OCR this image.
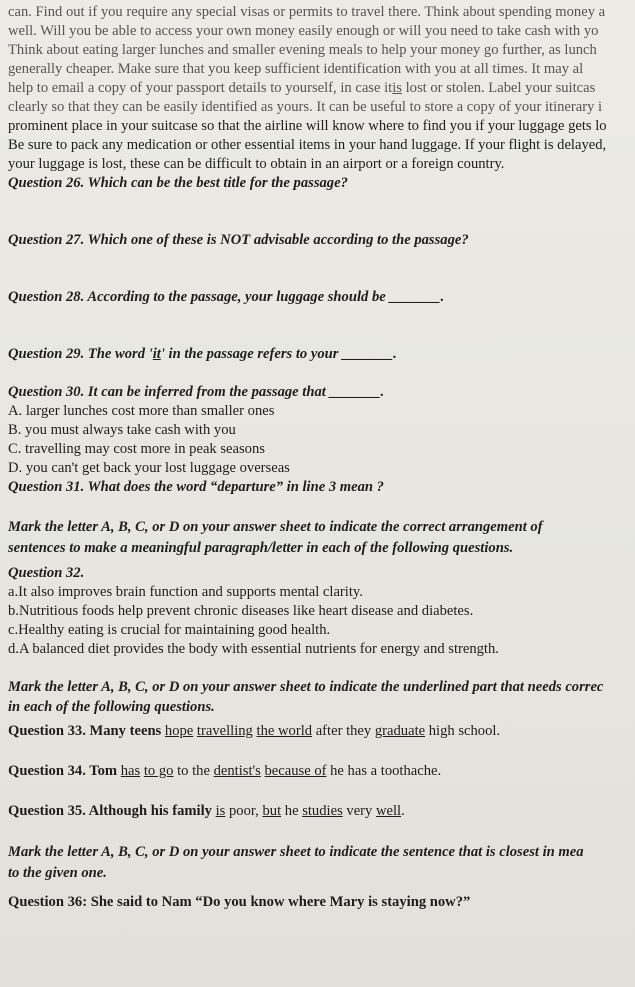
can. Find out if you require any special visas or permits to travel there. Think about spending money a
well. Will you be able to access your own money easily enough or will you need to take cash with yo
Think about eating larger lunches and smaller evening meals to help your money go further, as lunch
generally cheaper. Make sure that you keep sufficient identification with you at all times. It may al
help to email a copy of your passport details to yourself, in case itis lost or stolen. Label your suitcas
clearly so that they can be easily identified as yours. It can be useful to store a copy of your itinerary i
prominent place in your suitcase so that the airline will know where to find you if your luggage gets lo
Be sure to pack any medication or other essential items in your hand luggage. If your flight is delayed,
your luggage is lost, these can be difficult to obtain in an airport or a foreign country.
Question 26. Which can be the best title for the passage?
Question 27. Which one of these is NOT advisable according to the passage?
Question 28. According to the passage, your luggage should be _______.
Question 29. The word 'it' in the passage refers to your _______.
Question 30. It can be inferred from the passage that _______.
A. larger lunches cost more than smaller ones
B. you must always take cash with you
C. travelling may cost more in peak seasons
D. you can't get back your lost luggage overseas
Question 31. What does the word “departure” in line 3 mean ?
Mark the letter A, B, C, or D on your answer sheet to indicate the correct arrangement of
sentences to make a meaningful paragraph/letter in each of the following questions.
Question 32.
a.It also improves brain function and supports mental clarity.
b.Nutritious foods help prevent chronic diseases like heart disease and diabetes.
c.Healthy eating is crucial for maintaining good health.
d.A balanced diet provides the body with essential nutrients for energy and strength.
Mark the letter A, B, C, or D on your answer sheet to indicate the underlined part that needs correc
in each of the following questions.
Question 33. Many teens hope travelling the world after they graduate high school.
Question 34. Tom has to go to the dentist's because of he has a toothache.
Question 35. Although his family is poor, but he studies very well.
Mark the letter A, B, C, or D on your answer sheet to indicate the sentence that is closest in mea
to the given one.
Question 36: She said to Nam “Do you know where Mary is staying now?”
